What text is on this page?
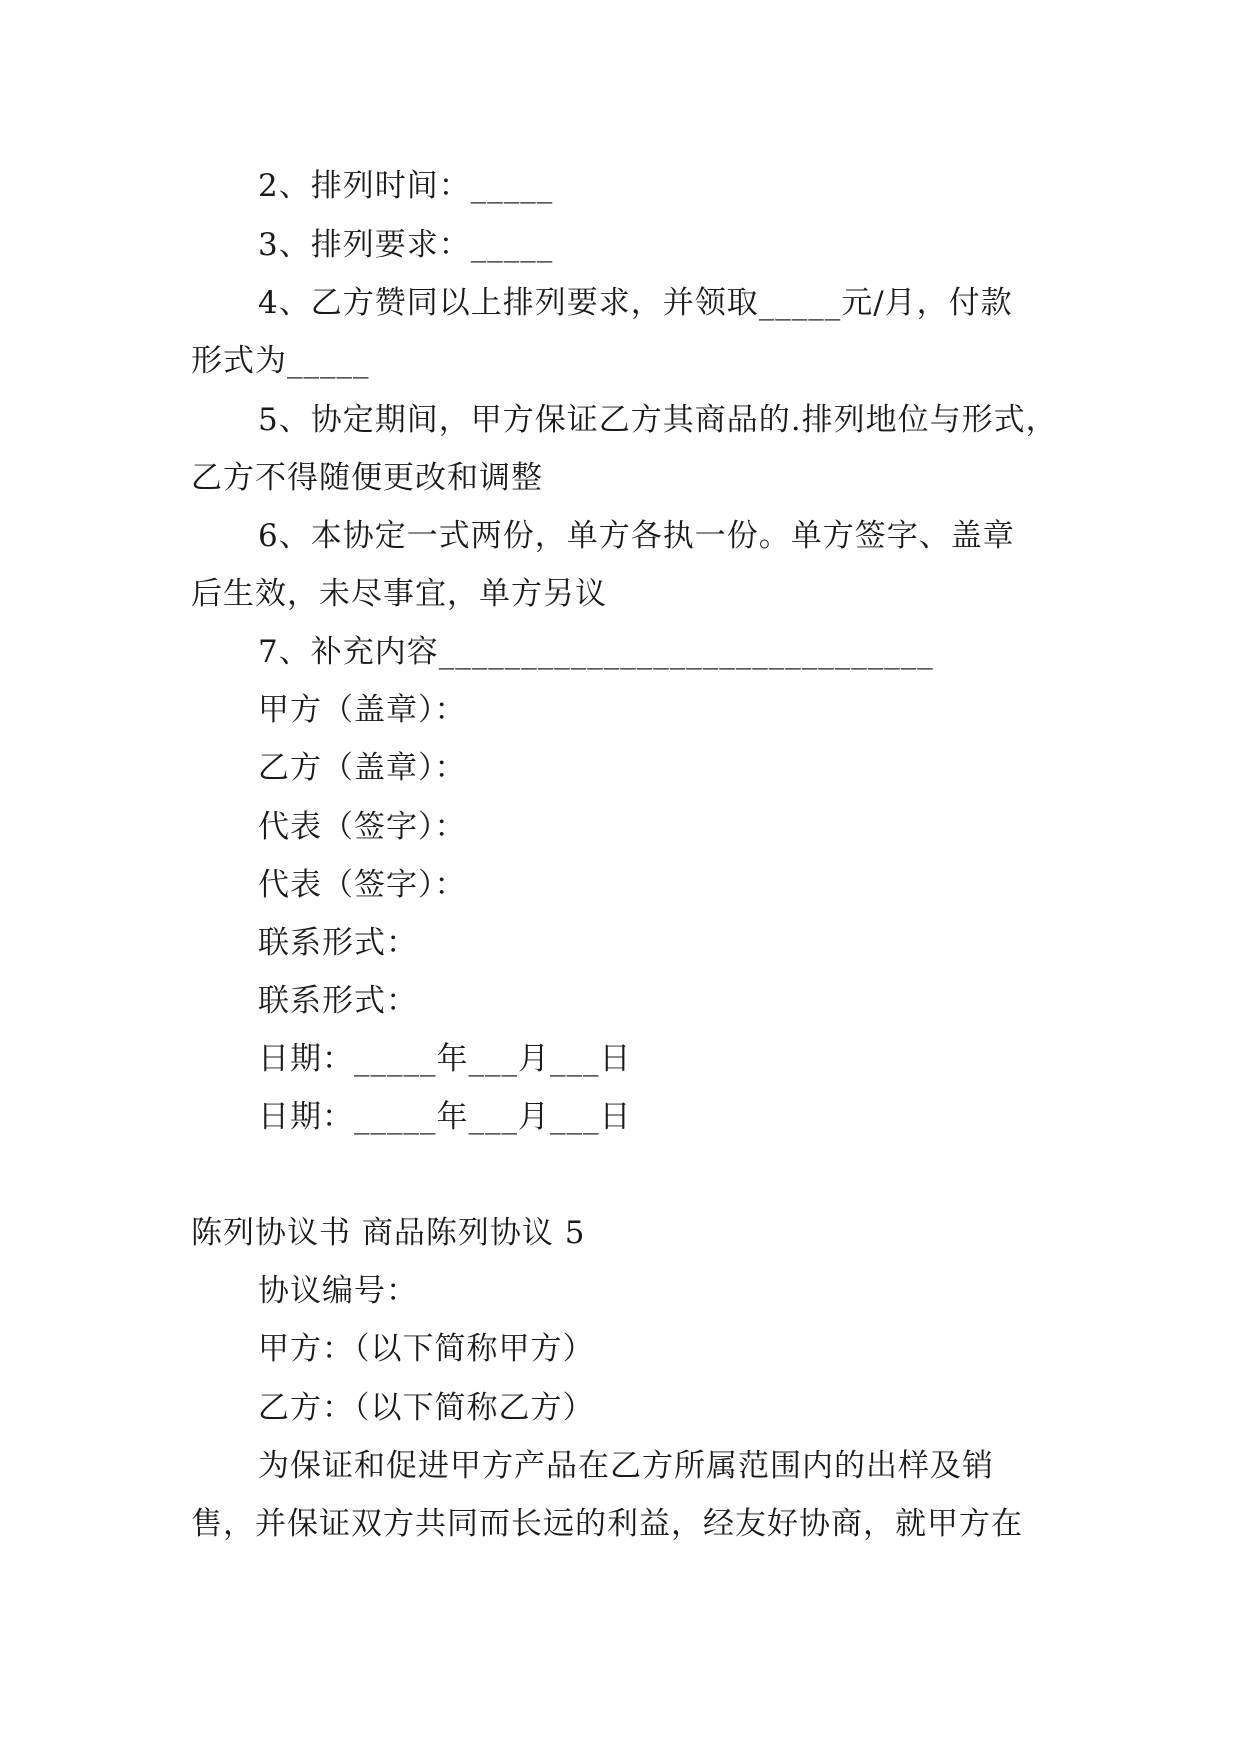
2、排列时间：_____
3、排列要求：_____
4、乙方赞同以上排列要求，并领取_____元/月，付款
形式为_____
5、协定期间，甲方保证乙方其商品的.排列地位与形式，
乙方不得随便更改和调整
6、本协定一式两份，单方各执一份。单方签字、盖章
后生效，未尽事宜，单方另议
7、补充内容______________________________
甲方（盖章）：
乙方（盖章）：
代表（签字）：
代表（签字）：
联系形式：
联系形式：
日期：_____年___月___日
日期：_____年___月___日
陈列协议书 商品陈列协议 5
协议编号：
甲方：（以下简称甲方）
乙方：（以下简称乙方）
为保证和促进甲方产品在乙方所属范围内的出样及销
售，并保证双方共同而长远的利益，经友好协商，就甲方在
